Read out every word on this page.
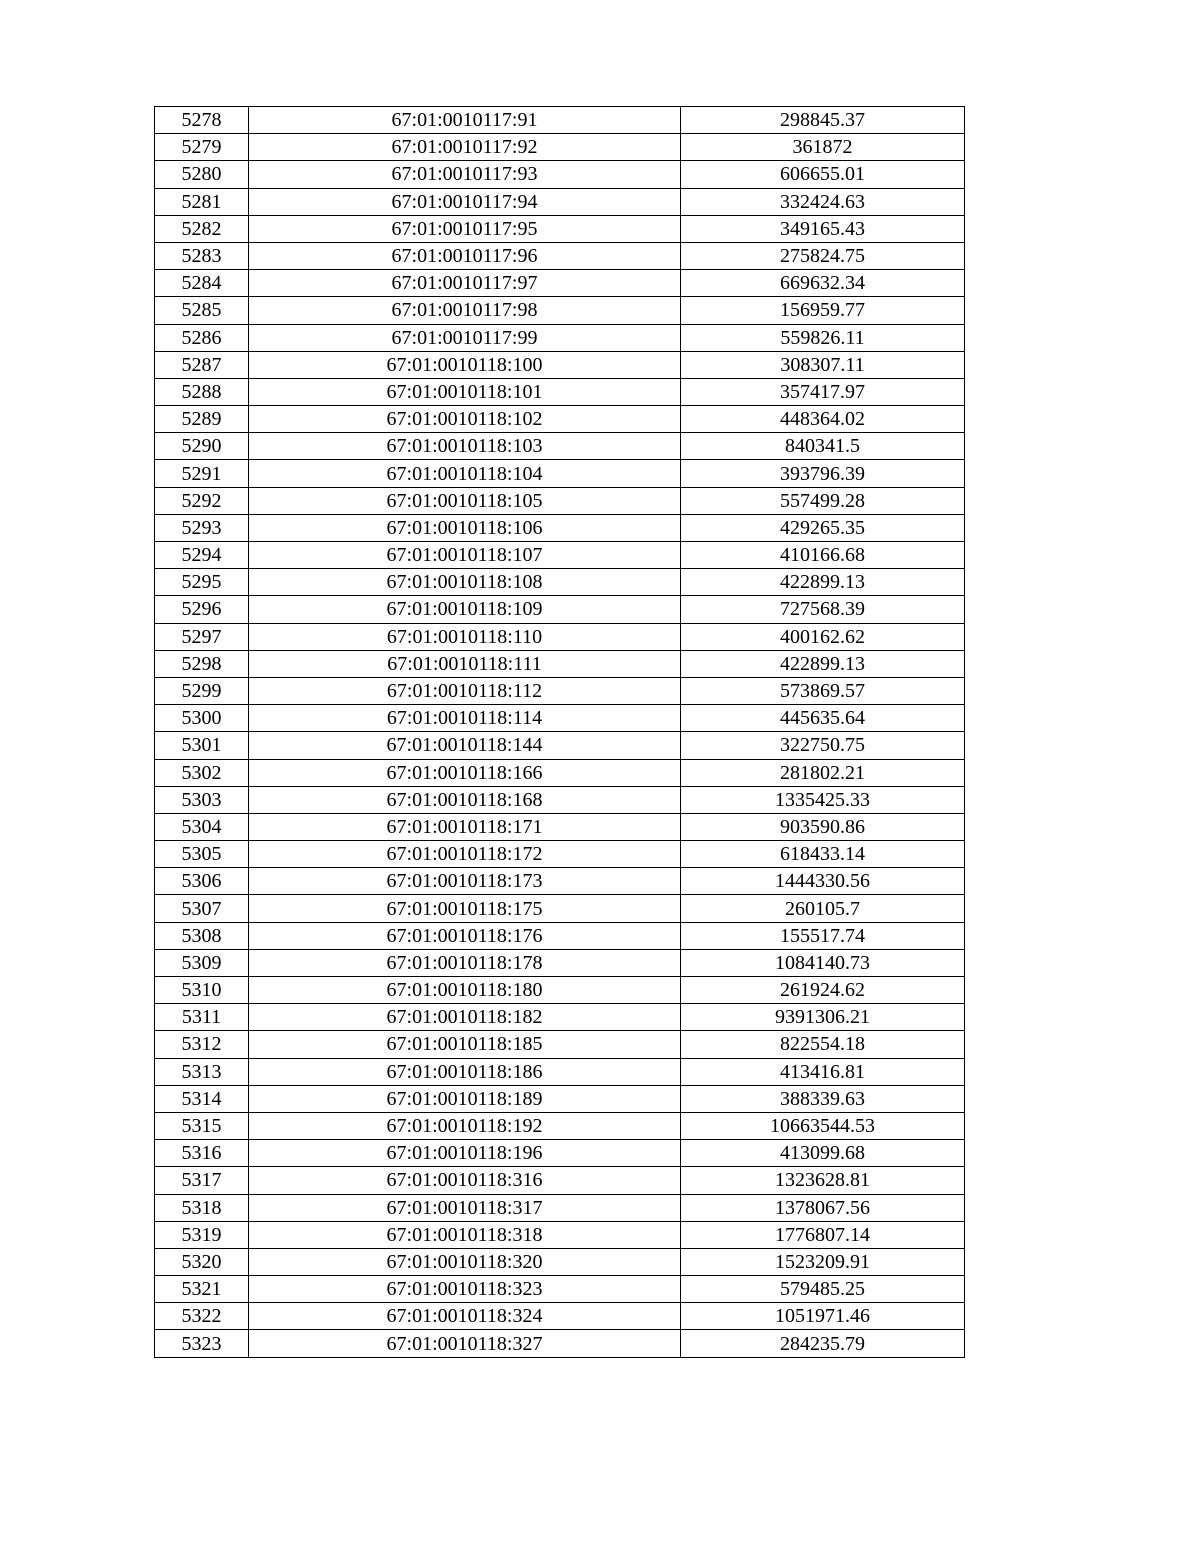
5278	67:01:0010117:91	298845.37
5279	67:01:0010117:92	361872
5280	67:01:0010117:93	606655.01
5281	67:01:0010117:94	332424.63
5282	67:01:0010117:95	349165.43
5283	67:01:0010117:96	275824.75
5284	67:01:0010117:97	669632.34
5285	67:01:0010117:98	156959.77
5286	67:01:0010117:99	559826.11
5287	67:01:0010118:100	308307.11
5288	67:01:0010118:101	357417.97
5289	67:01:0010118:102	448364.02
5290	67:01:0010118:103	840341.5
5291	67:01:0010118:104	393796.39
5292	67:01:0010118:105	557499.28
5293	67:01:0010118:106	429265.35
5294	67:01:0010118:107	410166.68
5295	67:01:0010118:108	422899.13
5296	67:01:0010118:109	727568.39
5297	67:01:0010118:110	400162.62
5298	67:01:0010118:111	422899.13
5299	67:01:0010118:112	573869.57
5300	67:01:0010118:114	445635.64
5301	67:01:0010118:144	322750.75
5302	67:01:0010118:166	281802.21
5303	67:01:0010118:168	1335425.33
5304	67:01:0010118:171	903590.86
5305	67:01:0010118:172	618433.14
5306	67:01:0010118:173	1444330.56
5307	67:01:0010118:175	260105.7
5308	67:01:0010118:176	155517.74
5309	67:01:0010118:178	1084140.73
5310	67:01:0010118:180	261924.62
5311	67:01:0010118:182	9391306.21
5312	67:01:0010118:185	822554.18
5313	67:01:0010118:186	413416.81
5314	67:01:0010118:189	388339.63
5315	67:01:0010118:192	10663544.53
5316	67:01:0010118:196	413099.68
5317	67:01:0010118:316	1323628.81
5318	67:01:0010118:317	1378067.56
5319	67:01:0010118:318	1776807.14
5320	67:01:0010118:320	1523209.91
5321	67:01:0010118:323	579485.25
5322	67:01:0010118:324	1051971.46
5323	67:01:0010118:327	284235.79
